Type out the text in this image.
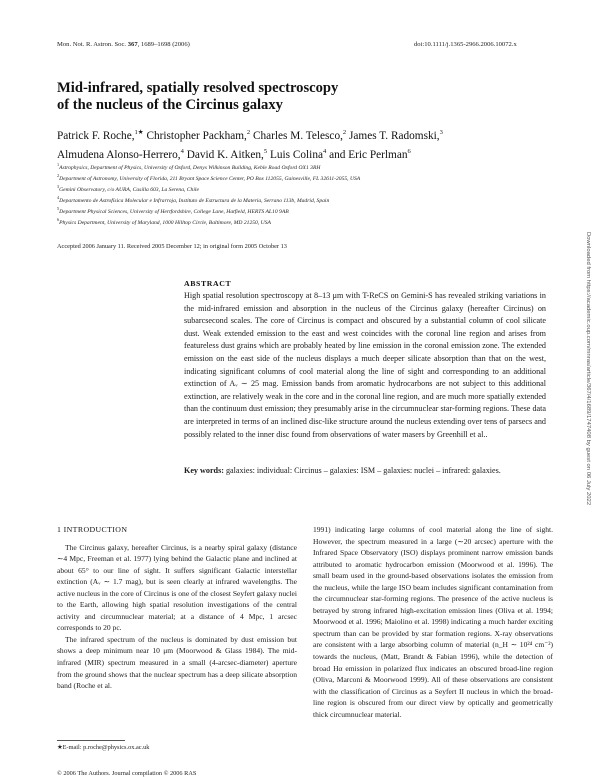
Mon. Not. R. Astron. Soc. 367, 1689–1698 (2006)	doi:10.1111/j.1365-2966.2006.10072.x
Mid-infrared, spatially resolved spectroscopy
of the nucleus of the Circinus galaxy
Patrick F. Roche,$^{1★}$ Christopher Packham,$^2$ Charles M. Telesco,$^2$ James T. Radomski,$^3$
Almudena Alonso-Herrero,$^4$ David K. Aitken,$^5$ Luis Colina$^4$ and Eric Perlman$^6$
$^1$Astrophysics, Department of Physics, University of Oxford, Denys Wilkinson Building, Keble Road Oxford OX1 3RH
$^2$Department of Astronomy, University of Florida, 211 Bryant Space Science Center, PO Box 112055, Gainesville, FL 32611-2055, USA
$^3$Gemini Observatory, c/o AURA, Casilla 603, La Serena, Chile
$^4$Departamento de Astrofísica Molecular e Infrarroja, Instituto de Estructura de la Materia, Serrano 113b, Madrid, Spain
$^5$Department Physical Sciences, University of Hertfordshire, College Lane, Hatfield, HERTS AL10 9AB
$^6$Physics Department, University of Maryland, 1000 Hilltop Circle, Baltimore, MD 21250, USA
Accepted 2006 January 11. Received 2005 December 12; in original form 2005 October 13
ABSTRACT

High spatial resolution spectroscopy at 8–13 μm with T-ReCS on Gemini-S has revealed striking variations in the mid-infrared emission and absorption in the nucleus of the Circinus galaxy (hereafter Circinus) on subarcsecond scales. The core of Circinus is compact and obscured by a substantial column of cool silicate dust. Weak extended emission to the east and west coincides with the coronal line region and arises from featureless dust grains which are probably heated by line emission in the coronal emission zone. The extended emission on the east side of the nucleus displays a much deeper silicate absorption than that on the west, indicating significant columns of cool material along the line of sight and corresponding to an additional extinction of Aᵥ ∼ 25 mag. Emission bands from aromatic hydrocarbons are not subject to this additional extinction, are relatively weak in the core and in the coronal line region, and are much more spatially extended than the continuum dust emission; they presumably arise in the circumnuclear star-forming regions. These data are interpreted in terms of an inclined disc-like structure around the nucleus extending over tens of parsecs and possibly related to the inner disc found from observations of water masers by Greenhill et al..

Key words: galaxies: individual: Circinus – galaxies: ISM – galaxies: nuclei – infrared: galaxies.

1 INTRODUCTION

The Circinus galaxy, hereafter Circinus, is a nearby spiral galaxy (distance ∼4 Mpc, Freeman et al. 1977) lying behind the Galactic plane and inclined at about 65° to our line of sight. It suffers significant Galactic interstellar extinction (Aᵥ ∼ 1.7 mag), but is seen clearly at infrared wavelengths. The active nucleus in the core of Circinus is one of the closest Seyfert galaxy nuclei to the Earth, allowing high spatial resolution investigations of the central activity and circumnuclear material; at a distance of 4 Mpc, 1 arcsec corresponds to 20 pc.

The infrared spectrum of the nucleus is dominated by dust emission but shows a deep minimum near 10 μm (Moorwood & Glass 1984). The mid-infrared (MIR) spectrum measured in a small (4-arcsec-diameter) aperture from the ground shows that the nuclear spectrum has a deep silicate absorption band (Roche et al.

1991) indicating large columns of cool material along the line of sight. However, the spectrum measured in a large (∼20 arcsec) aperture with the Infrared Space Observatory (ISO) displays prominent narrow emission bands attributed to aromatic hydrocarbon emission (Moorwood et al. 1996). The small beam used in the ground-based observations isolates the emission from the nucleus, while the large ISO beam includes significant contamination from the circumnuclear star-forming regions. The presence of the active nucleus is betrayed by strong infrared high-excitation emission lines (Oliva et al. 1994; Moorwood et al. 1996; Maiolino et al. 1998) indicating a much harder exciting spectrum than can be provided by star formation regions. X-ray observations are consistent with a large absorbing column of material (n_H ∼ 10²⁴ cm⁻²) towards the nucleus, (Matt, Brandt & Fabian 1996), while the detection of broad Hα emission in polarized flux indicates an obscured broad-line region (Oliva, Marconi & Moorwood 1999). All of these observations are consistent with the classification of Circinus as a Seyfert II nucleus in which the broad-line region is obscured from our direct view by optically and geometrically thick circumnuclear material.

★E-mail: p.roche@physics.ox.ac.uk
© 2006 The Authors. Journal compilation © 2006 RAS
Downloaded from https://academic.oup.com/mnras/article/367/4/1689/1747408 by guest on 06 July 2022
